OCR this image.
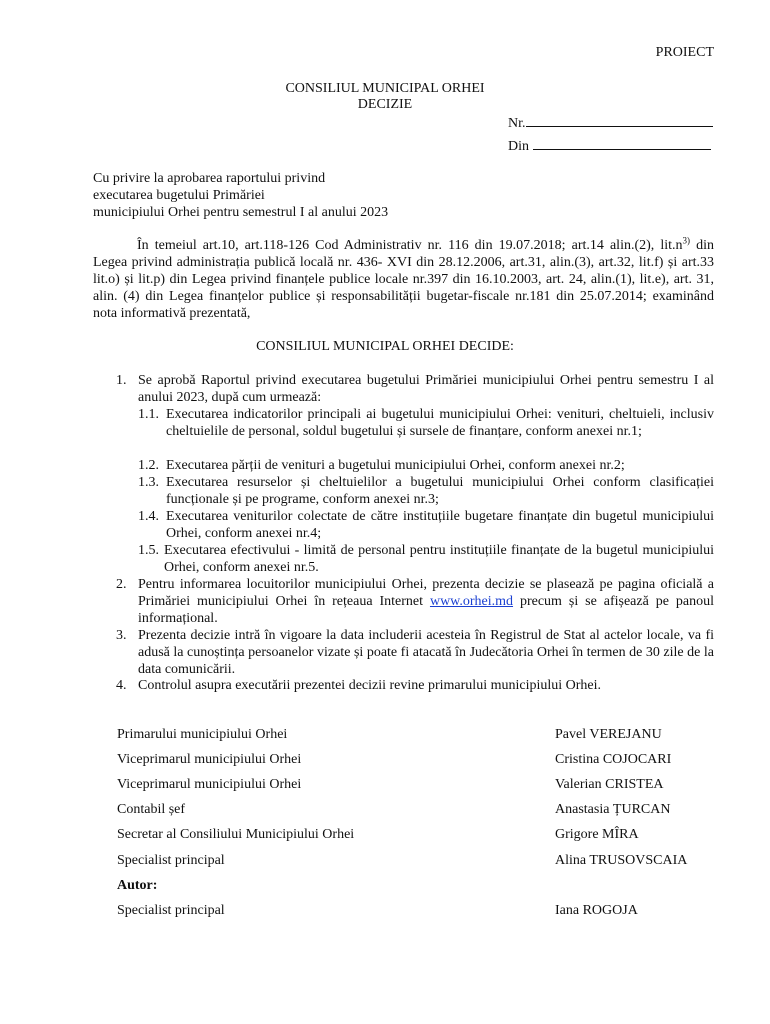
PROIECT
CONSILIUL MUNICIPAL ORHEI
DECIZIE
Nr.
Din
Cu privire la aprobarea raportului privind
executarea bugetului Primăriei
municipiului Orhei pentru semestrul I al anului 2023
În temeiul art.10, art.118-126 Cod Administrativ nr. 116 din 19.07.2018; art.14 alin.(2), $lit.n^{3)}$ din Legea privind administrația publică locală nr. 436- XVI din 28.12.2006, art.31, alin.(3), art.32, lit.f) și art.33 lit.o) și lit.p) din Legea privind finanțele publice locale nr.397 din 16.10.2003, art. 24, alin.(1), lit.e), art. 31, alin. (4) din Legea finanțelor publice și responsabilității bugetar-fiscale nr.181 din 25.07.2014; examinând nota informativă prezentată,
CONSILIUL MUNICIPAL ORHEI DECIDE:
1. Se aprobă Raportul privind executarea bugetului Primăriei municipiului Orhei pentru semestru I al anului 2023, după cum urmează:
1.1. Executarea indicatorilor principali ai bugetului municipiului Orhei: venituri, cheltuieli, inclusiv cheltuielile de personal, soldul bugetului și sursele de finanțare, conform anexei nr.1;
1.2. Executarea părții de venituri a bugetului municipiului Orhei, conform anexei nr.2;
1.3. Executarea resurselor și cheltuielilor a bugetului municipiului Orhei conform clasificației funcționale și pe programe, conform anexei nr.3;
1.4. Executarea veniturilor colectate de către instituțiile bugetare finanțate din bugetul municipiului Orhei, conform anexei nr.4;
1.5. Executarea efectivului - limită de personal pentru instituțiile finanțate de la bugetul municipiului Orhei, conform anexei nr.5.
2. Pentru informarea locuitorilor municipiului Orhei, prezenta decizie se plasează pe pagina oficială a Primăriei municipiului Orhei în rețeaua Internet www.orhei.md precum și se afișează pe panoul informațional.
3. Prezenta decizie intră în vigoare la data includerii acesteia în Registrul de Stat al actelor locale, va fi adusă la cunoștința persoanelor vizate și poate fi atacată în Judecătoria Orhei în termen de 30 zile de la data comunicării.
4. Controlul asupra executării prezentei decizii revine primarului municipiului Orhei.
Primarului municipiului Orhei	Pavel VEREJANU
Viceprimarul municipiului Orhei	Cristina COJOCARI
Viceprimarul municipiului Orhei	Valerian CRISTEA
Contabil șef	Anastasia ȚURCAN
Secretar al Consiliului Municipiului Orhei	Grigore MÎRA
Specialist principal	Alina TRUSOVSCAIA
Autor:
Specialist principal	Iana ROGOJA
